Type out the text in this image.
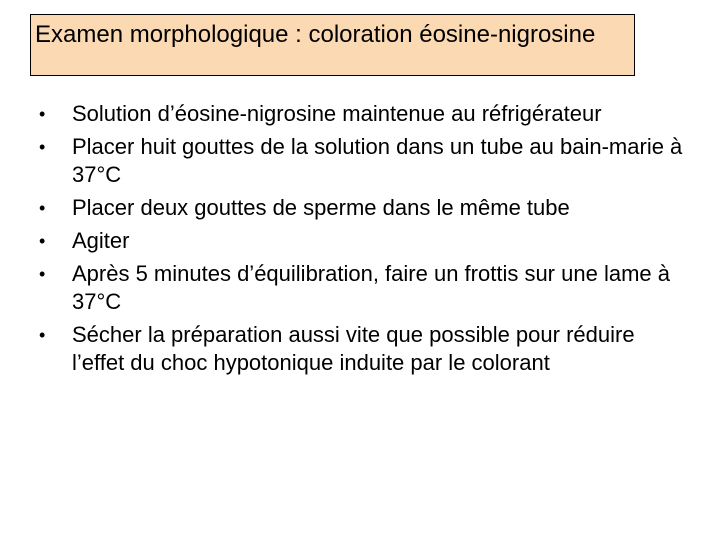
Examen morphologique : coloration éosine-nigrosine
• Solution d’éosine-nigrosine maintenue au réfrigérateur
• Placer huit gouttes de la solution dans un tube au bain-marie à 37°C
• Placer deux gouttes de sperme dans le même tube
• Agiter
• Après 5 minutes d’équilibration, faire un frottis sur une lame à 37°C
• Sécher la préparation aussi vite que possible pour réduire l’effet du choc hypotonique induite par le colorant
